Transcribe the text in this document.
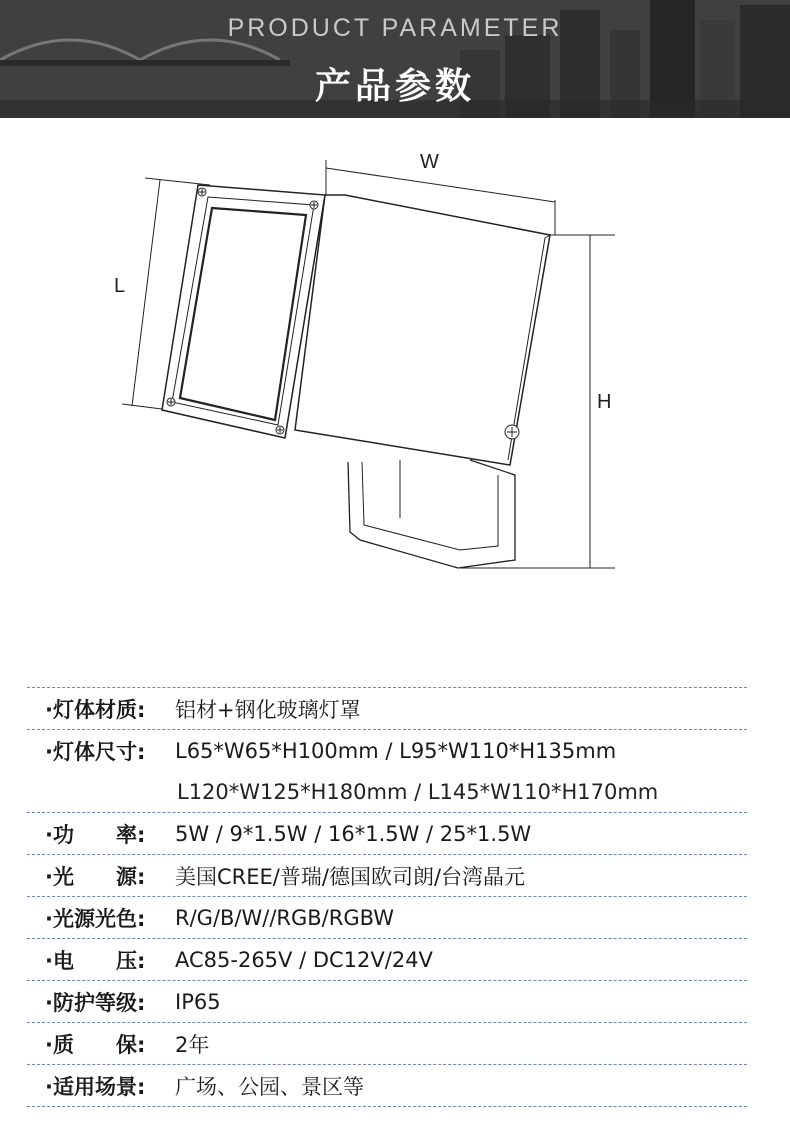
PRODUCT PARAMETER
产品参数
W
L
H
·灯体材质:	铝材+钢化玻璃灯罩
·灯体尺寸:	L65*W65*H100mm / L95*W110*H135mm
L120*W125*H180mm / L145*W110*H170mm
·功　　率:	5W / 9*1.5W / 16*1.5W / 25*1.5W
·光　　源:	美国CREE/普瑞/德国欧司朗/台湾晶元
·光源光色:	R/G/B/W//RGB/RGBW
·电　　压:	AC85-265V / DC12V/24V
·防护等级:	IP65
·质　　保:	2年
·适用场景:	广场、公园、景区等
